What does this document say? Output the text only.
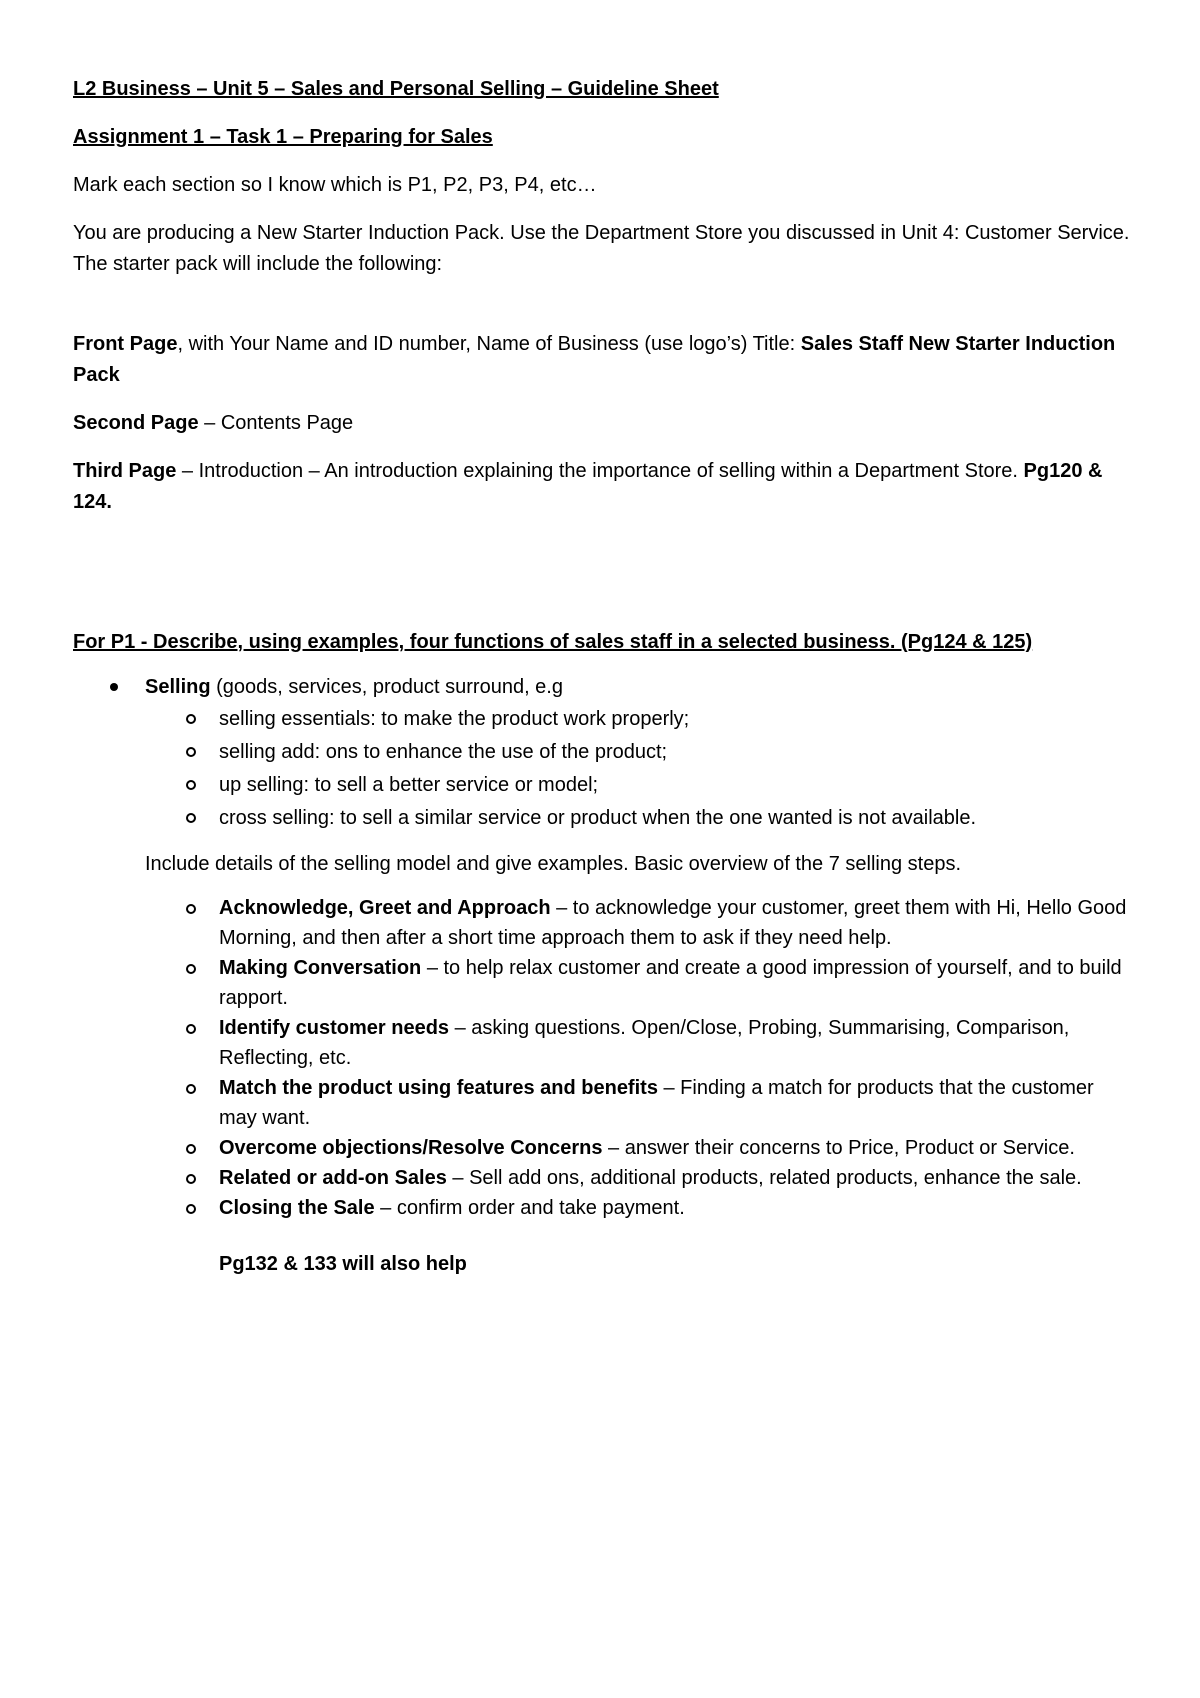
L2 Business – Unit 5 – Sales and Personal Selling – Guideline Sheet

Assignment 1 – Task 1 – Preparing for Sales

Mark each section so I know which is P1, P2, P3, P4, etc…

You are producing a New Starter Induction Pack. Use the Department Store you discussed in Unit 4: Customer Service. The starter pack will include the following:

Front Page, with Your Name and ID number, Name of Business (use logo’s) Title: Sales Staff New Starter Induction Pack

Second Page – Contents Page

Third Page – Introduction – An introduction explaining the importance of selling within a Department Store. Pg120 & 124.

For P1 - Describe, using examples, four functions of sales staff in a selected business. (Pg124 & 125)

Selling (goods, services, product surround, e.g
selling essentials: to make the product work properly;
selling add: ons to enhance the use of the product;
up selling: to sell a better service or model;
cross selling: to sell a similar service or product when the one wanted is not available.

Include details of the selling model and give examples. Basic overview of the 7 selling steps.

Acknowledge, Greet and Approach – to acknowledge your customer, greet them with Hi, Hello Good Morning, and then after a short time approach them to ask if they need help.
Making Conversation – to help relax customer and create a good impression of yourself, and to build rapport.
Identify customer needs – asking questions. Open/Close, Probing, Summarising, Comparison, Reflecting, etc.
Match the product using features and benefits – Finding a match for products that the customer may want.
Overcome objections/Resolve Concerns – answer their concerns to Price, Product or Service.
Related or add-on Sales – Sell add ons, additional products, related products, enhance the sale.
Closing the Sale – confirm order and take payment.

Pg132 & 133 will also help
